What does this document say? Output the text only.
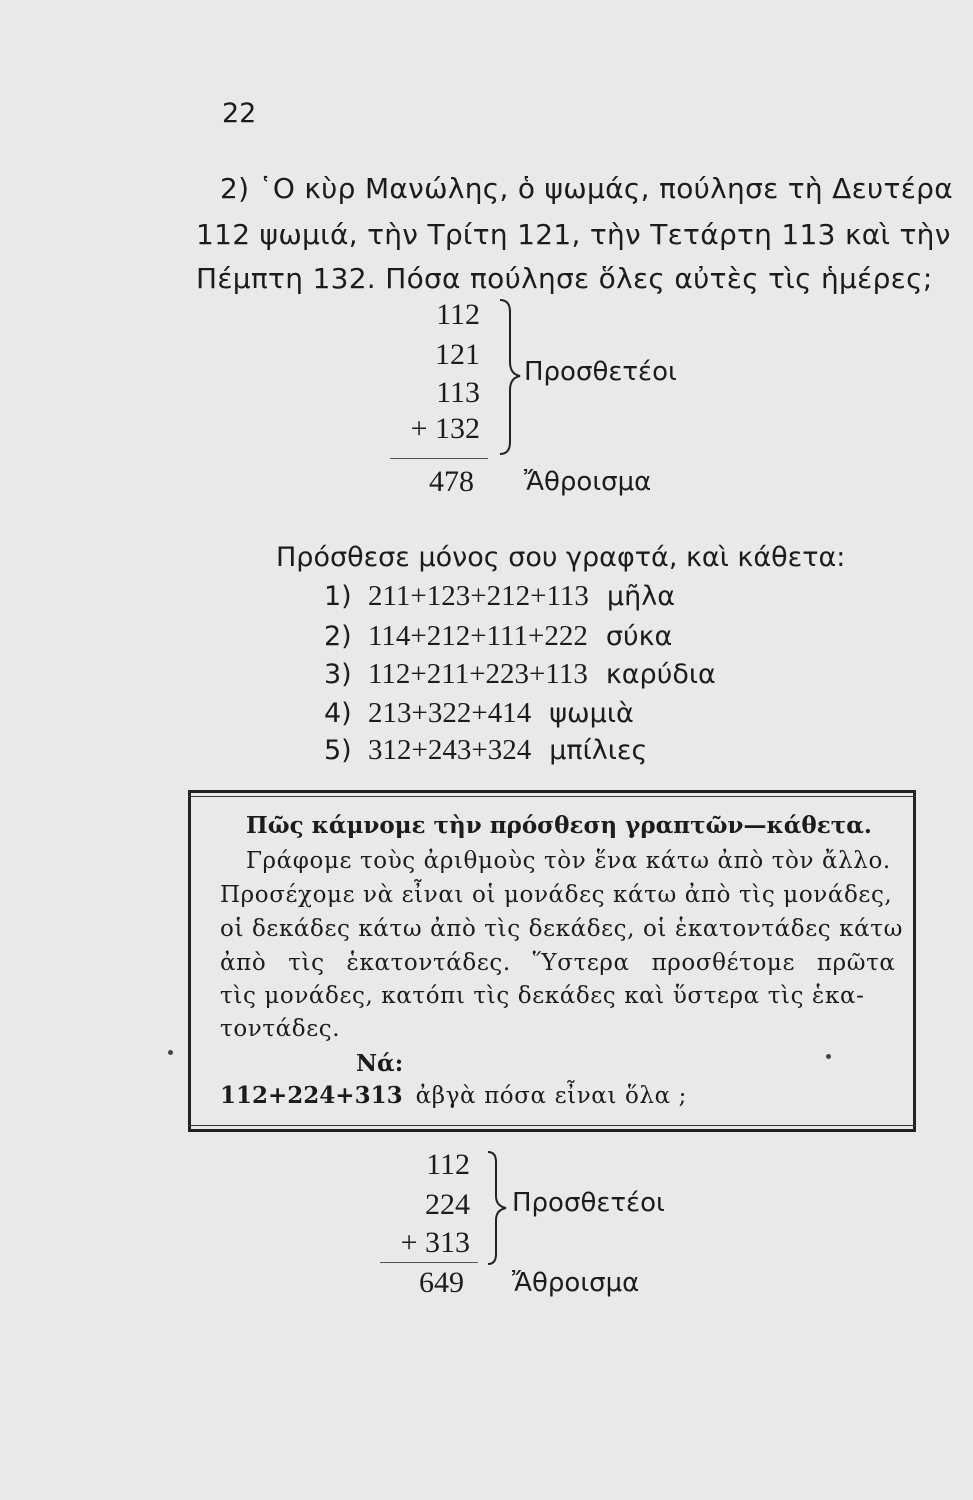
22
2) ῾Ο κὺρ Μανώλης, ὁ ψωμάς, πούλησε τὴ Δευτέρα
112 ψωμιά, τὴν Τρίτη 121, τὴν Τετάρτη 113 καὶ τὴν
Πέμπτη 132. Πόσα πούλησε ὅλες αὐτὲς τὶς ἡμέρες;
112
121
113
+ 132
Προσθετέοι
478 Ἄθροισμα
Πρόσθεσε μόνος σου γραφτά, καὶ κάθετα:
1) 211+123+212+113 μῆλα
2) 114+212+111+222 σύκα
3) 112+211+223+113 καρύδια
4) 213+322+414 ψωμιὰ
5) 312+243+324 μπίλιες
Πῶς κάμνομε τὴν πρόσθεση γραπτῶν—κάθετα.
Γράφομε τοὺς ἀριθμοὺς τὸν ἕνα κάτω ἀπὸ τὸν ἄλλο.
Προσέχομε νὰ εἶναι οἱ μονάδες κάτω ἀπὸ τὶς μονάδες,
οἱ δεκάδες κάτω ἀπὸ τὶς δεκάδες, οἱ ἑκατοντάδες κάτω
ἀπὸ τὶς ἑκατοντάδες. Ὕστερα προσθέτομε πρῶτα
τὶς μονάδες, κατόπι τὶς δεκάδες καὶ ὕστερα τὶς ἑκα-
τοντάδες.
Νά:
112+224+313 ἀβγὰ πόσα εἶναι ὅλα ;
112
224
+ 313
Προσθετέοι
649 Ἄθροισμα
